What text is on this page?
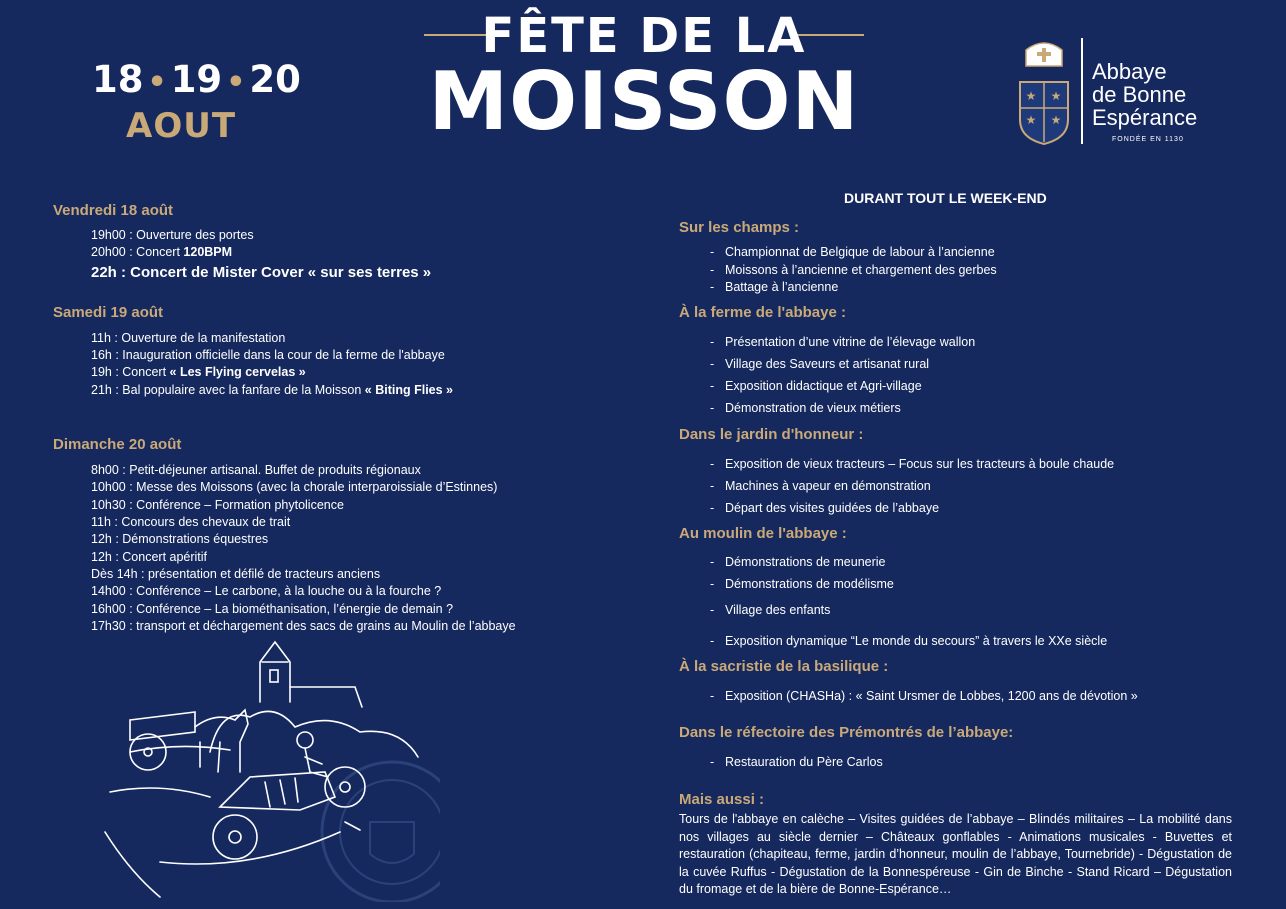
18 • 19 • 20
AOUT
FÊTE DE LA
MOISSON	★ ★
★ ★
Abbaye
de Bonne
Espérance
FONDÉE EN 1130
Vendredi 18 août
19h00 : Ouverture des portes
20h00 : Concert 120BPM
22h : Concert de Mister Cover « sur ses terres »
Samedi 19 août
11h : Ouverture de la manifestation
16h : Inauguration officielle dans la cour de la ferme de l'abbaye
19h : Concert « Les Flying cervelas »
21h : Bal populaire avec la fanfare de la Moisson « Biting Flies »
Dimanche 20 août
8h00 : Petit-déjeuner artisanal. Buffet de produits régionaux
10h00 : Messe des Moissons (avec la chorale interparoissiale d’Estinnes)
10h30 : Conférence – Formation phytolicence
11h : Concours des chevaux de trait
12h : Démonstrations équestres
12h : Concert apéritif
Dès 14h : présentation et défilé de tracteurs anciens
14h00 : Conférence – Le carbone, à la louche ou à la fourche ?
16h00 : Conférence – La biométhanisation, l’énergie de demain ?
17h30 : transport et déchargement des sacs de grains au Moulin de l’abbaye
DURANT TOUT LE WEEK-END
Sur les champs :
- Championnat de Belgique de labour à l’ancienne
- Moissons à l’ancienne et chargement des gerbes
- Battage à l’ancienne
À la ferme de l'abbaye :
- Présentation d’une vitrine de l’élevage wallon
- Village des Saveurs et artisanat rural
- Exposition didactique et Agri-village
- Démonstration de vieux métiers
Dans le jardin d'honneur :
- Exposition de vieux tracteurs – Focus sur les tracteurs à boule chaude
- Machines à vapeur en démonstration
- Départ des visites guidées de l’abbaye
Au moulin de l'abbaye :
- Démonstrations de meunerie
- Démonstrations de modélisme
- Village des enfants
- Exposition dynamique “Le monde du secours” à travers le XXe siècle
À la sacristie de la basilique :
- Exposition (CHASHa) : « Saint Ursmer de Lobbes, 1200 ans de dévotion »
Dans le réfectoire des Prémontrés de l’abbaye:
- Restauration du Père Carlos
Mais aussi :
Tours de l'abbaye en calèche – Visites guidées de l’abbaye – Blindés militaires – La mobilité dans nos villages au siècle dernier – Châteaux gonflables - Animations musicales - Buvettes et restauration (chapiteau, ferme, jardin d’honneur, moulin de l’abbaye, Tournebride) - Dégustation de la cuvée Ruffus - Dégustation de la Bonnespéreuse - Gin de Binche - Stand Ricard – Dégustation du fromage et de la bière de Bonne-Espérance…
